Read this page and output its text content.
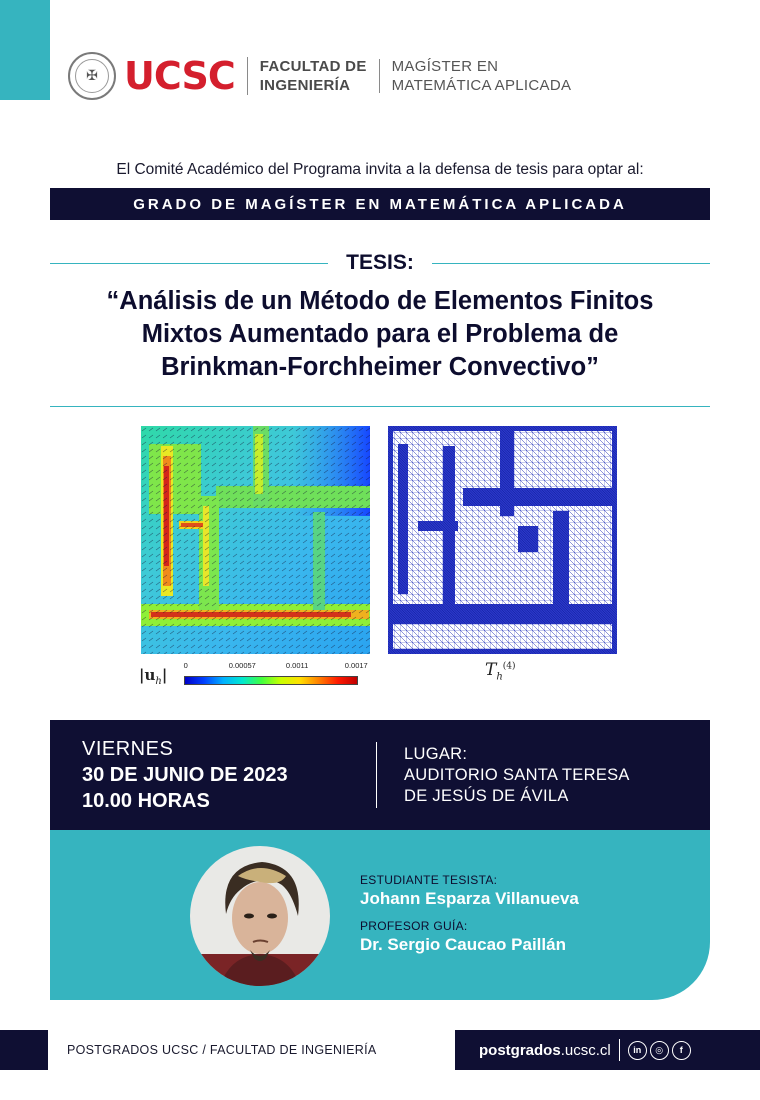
✠ UCSC FACULTAD DE
INGENIERÍA
MAGÍSTER EN
MATEMÁTICA APLICADA
El Comité Académico del Programa invita a la defensa de tesis para optar al:
GRADO DE MAGÍSTER EN MATEMÁTICA APLICADA
TESIS:
“Análisis de un Método de Elementos Finitos
Mixtos Aumentado para el Problema de
Brinkman-Forchheimer Convectivo”
$|u_h|$
0	0.00057	0.0011	0.0017	$T_h^{(4)}$
VIERNES
30 DE JUNIO DE 2023
10.00 HORAS
LUGAR:
AUDITORIO SANTA TERESA
DE JESÚS DE ÁVILA
ESTUDIANTE TESISTA:
Johann Esparza Villanueva
PROFESOR GUÍA:
Dr. Sergio Caucao Paillán
POSTGRADOS UCSC / FACULTAD DE INGENIERÍA	postgrados.ucsc.cl	in	◎	f
